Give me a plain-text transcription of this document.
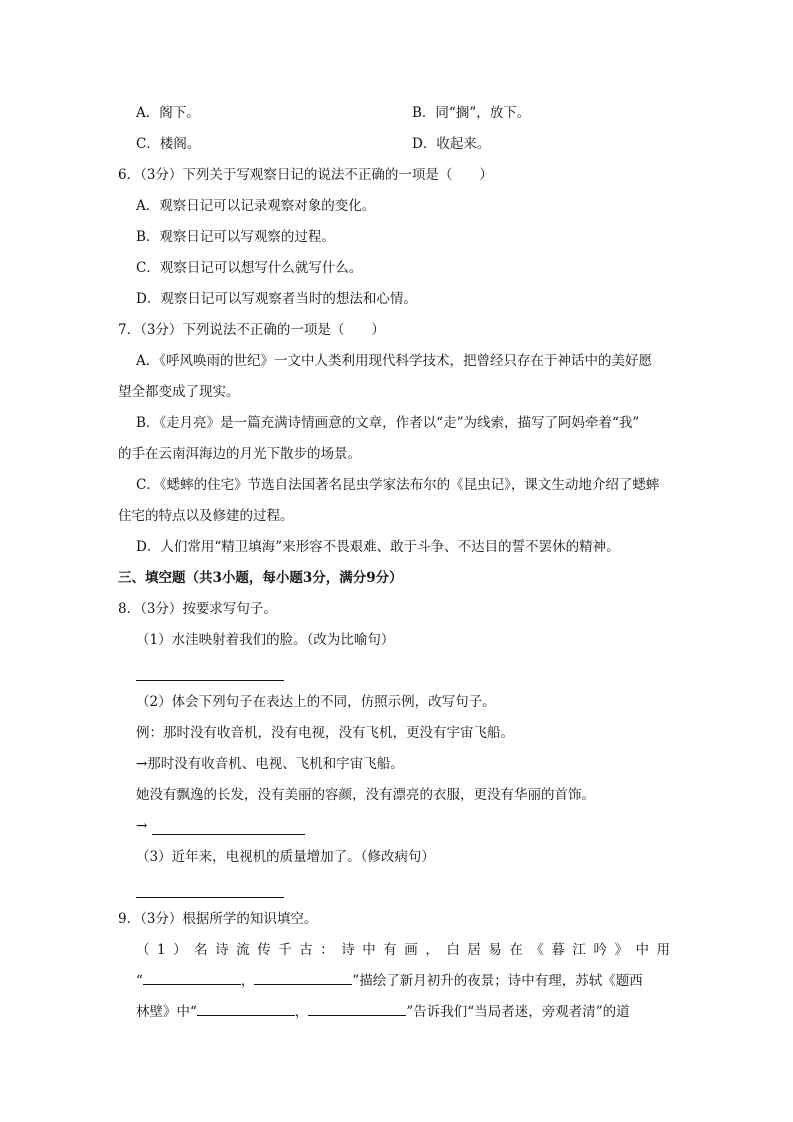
A．阁下。	B．同“搁”，放下。
C．楼阁。	D．收起来。
6．（3分）下列关于写观察日记的说法不正确的一项是（　　）
A．观察日记可以记录观察对象的变化。
B．观察日记可以写观察的过程。
C．观察日记可以想写什么就写什么。
D．观察日记可以写观察者当时的想法和心情。
7．（3分）下列说法不正确的一项是（　　）
A．《呼风唤雨的世纪》一文中人类利用现代科学技术，把曾经只存在于神话中的美好愿
望全都变成了现实。
B．《走月亮》是一篇充满诗情画意的文章，作者以“走”为线索，描写了阿妈牵着“我”
的手在云南洱海边的月光下散步的场景。
C．《蟋蟀的住宅》节选自法国著名昆虫学家法布尔的《昆虫记》，课文生动地介绍了蟋蟀
住宅的特点以及修建的过程。
D．人们常用“精卫填海”来形容不畏艰难、敢于斗争、不达目的誓不罢休的精神。
三、填空题（共3小题，每小题3分，满分9分）
8．（3分）按要求写句子。
（1）水洼映射着我们的脸。（改为比喻句）
（2）体会下列句子在表达上的不同，仿照示例，改写句子。
例：那时没有收音机，没有电视，没有飞机，更没有宇宙飞船。
→那时没有收音机、电视、飞机和宇宙飞船。
她没有飘逸的长发，没有美丽的容颜，没有漂亮的衣服，更没有华丽的首饰。
→
（3）近年来，电视机的质量增加了。（修改病句）
9．（3分）根据所学的知识填空。
（ 1 ） 名 诗 流 传 千 古 ： 诗 中 有 画 ， 白 居 易 在 《 暮 江 吟 》 中 用
“	，	”描绘了新月初升的夜景；诗中有理，苏轼《题西
林壁》中“	，	”告诉我们“当局者迷，旁观者清”的道
